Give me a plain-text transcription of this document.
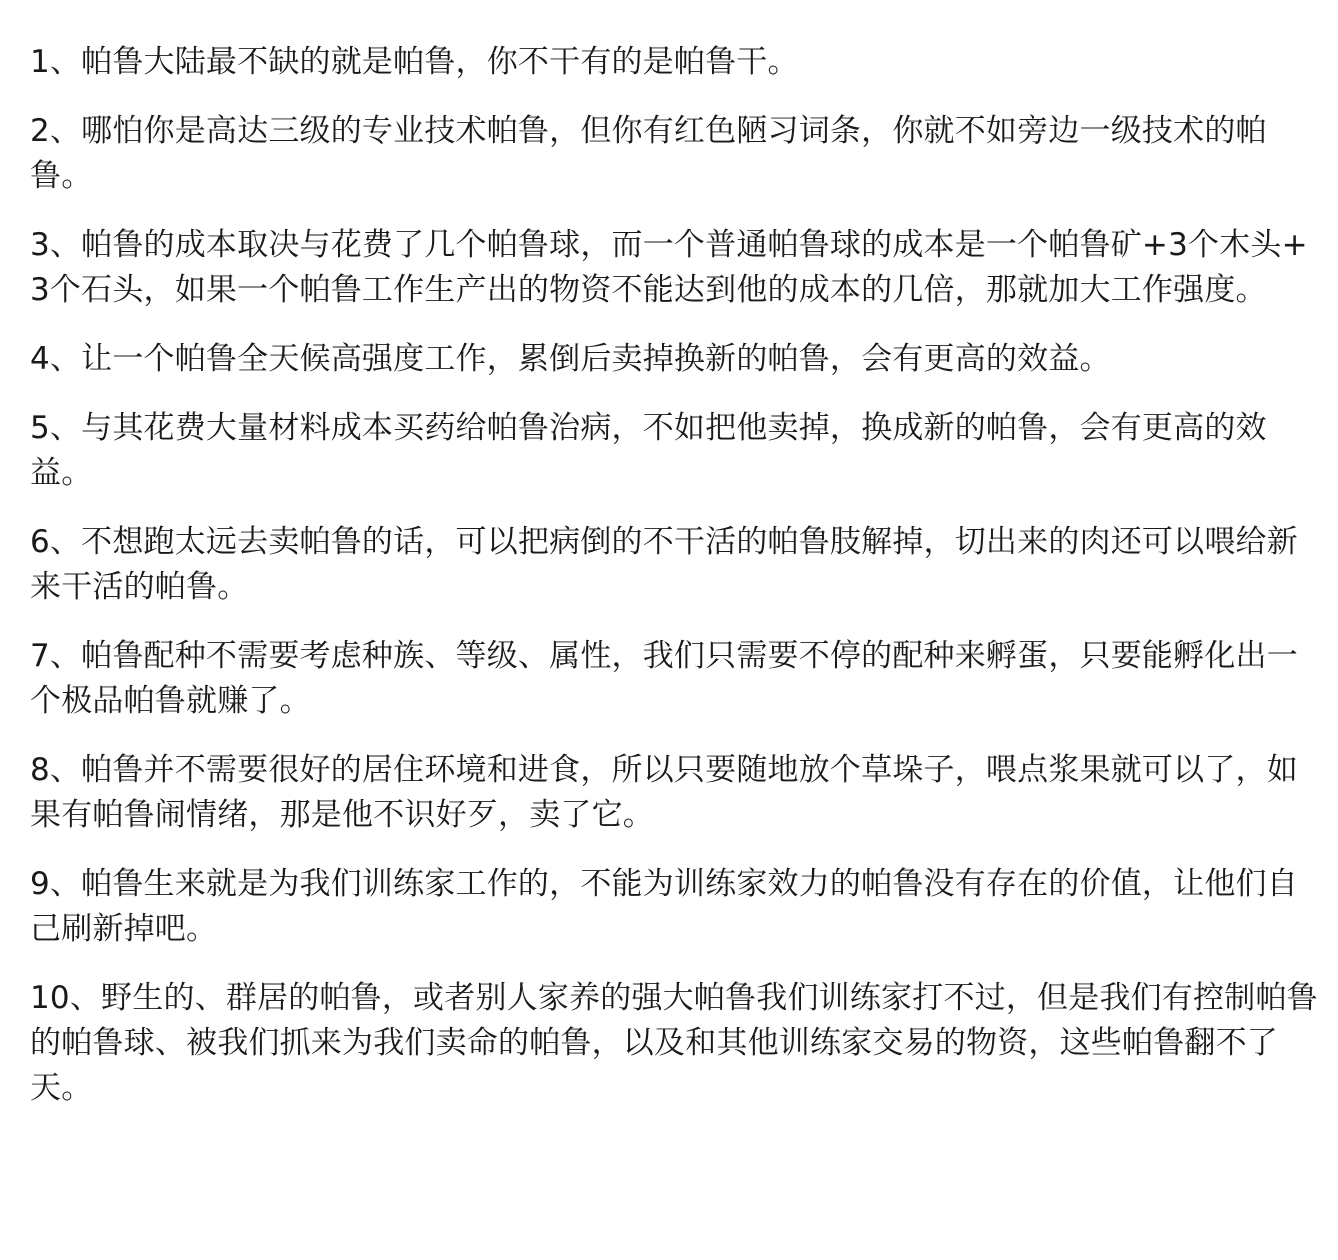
1、帕鲁大陆最不缺的就是帕鲁，你不干有的是帕鲁干。

2、哪怕你是高达三级的专业技术帕鲁，但你有红色陋习词条，你就不如旁边一级技术的帕鲁。

3、帕鲁的成本取决与花费了几个帕鲁球，而一个普通帕鲁球的成本是一个帕鲁矿+3个木头+3个石头，如果一个帕鲁工作生产出的物资不能达到他的成本的几倍，那就加大工作强度。

4、让一个帕鲁全天候高强度工作，累倒后卖掉换新的帕鲁，会有更高的效益。

5、与其花费大量材料成本买药给帕鲁治病，不如把他卖掉，换成新的帕鲁，会有更高的效益。

6、不想跑太远去卖帕鲁的话，可以把病倒的不干活的帕鲁肢解掉，切出来的肉还可以喂给新来干活的帕鲁。

7、帕鲁配种不需要考虑种族、等级、属性，我们只需要不停的配种来孵蛋，只要能孵化出一个极品帕鲁就赚了。

8、帕鲁并不需要很好的居住环境和进食，所以只要随地放个草垛子，喂点浆果就可以了，如果有帕鲁闹情绪，那是他不识好歹，卖了它。

9、帕鲁生来就是为我们训练家工作的，不能为训练家效力的帕鲁没有存在的价值，让他们自己刷新掉吧。

10、野生的、群居的帕鲁，或者别人家养的强大帕鲁我们训练家打不过，但是我们有控制帕鲁的帕鲁球、被我们抓来为我们卖命的帕鲁，以及和其他训练家交易的物资，这些帕鲁翻不了天。
